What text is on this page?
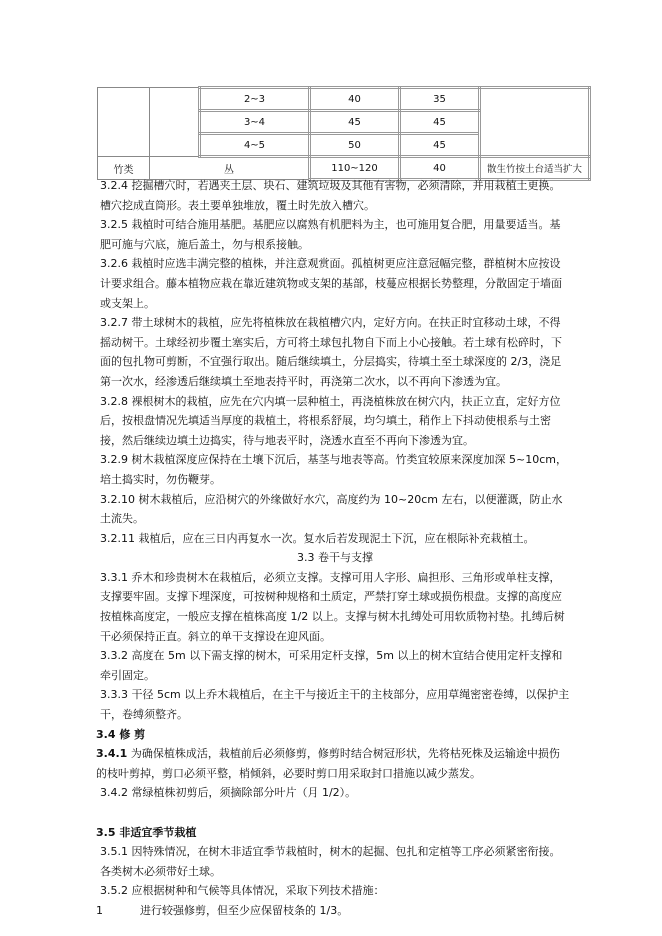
		2~3	40	35	
		3~4	45	45	
		4~5	50	45	
竹类	丛		110~120	40	散生竹按土台适当扩大

3.2.4 挖掘槽穴时，若遇夹土层、块石、建筑垃圾及其他有害物，必须清除，并用栽植土更换。槽穴挖成直筒形。表土要单独堆放，覆土时先放入槽穴。

3.2.5 栽植时可结合施用基肥。基肥应以腐熟有机肥料为主，也可施用复合肥，用量要适当。基肥可施与穴底，施后盖土，勿与根系接触。

3.2.6 栽植时应选丰满完整的植株，并注意观赏面。孤植树更应注意冠幅完整，群植树木应按设计要求组合。藤本植物应栽在靠近建筑物或支架的基部，枝蔓应根据长势整理，分散固定于墙面或支架上。

3.2.7 带土球树木的栽植，应先将植株放在栽植槽穴内，定好方向。在扶正时宜移动土球，不得摇动树干。土球经初步覆土塞实后，方可将土球包扎物自下而上小心接触。若土球有松碎时，下面的包扎物可剪断，不宜强行取出。随后继续填土，分层捣实，待填土至土球深度的 2/3，浇足第一次水，经渗透后继续填土至地表持平时，再浇第二次水，以不再向下渗透为宜。

3.2.8 裸根树木的栽植，应先在穴内填一层种植土，再浇植株放在树穴内，扶正立直，定好方位后，按根盘情况先填适当厚度的栽植土，将根系舒展，均匀填土，稍作上下抖动使根系与土密接，然后继续边填土边捣实，待与地表平时，浇透水直至不再向下渗透为宜。

3.2.9 树木栽植深度应保持在土壤下沉后，基茎与地表等高。竹类宜较原来深度加深 5~10cm，培土捣实时，勿伤鞭芽。

3.2.10 树木栽植后，应沿树穴的外缘做好水穴，高度约为 10~20cm 左右，以便灌溉，防止水土流失。

3.2.11 栽植后，应在三日内再复水一次。复水后若发现泥土下沉，应在根际补充栽植土。

3.3 卷干与支撑

3.3.1 乔木和珍贵树木在栽植后，必须立支撑。支撑可用人字形、扁担形、三角形或单柱支撑，支撑要牢固。支撑下埋深度，可按树种规格和土质定，严禁打穿土球或损伤根盘。支撑的高度应按植株高度定，一般应支撑在植株高度 1/2 以上。支撑与树木扎缚处可用软质物衬垫。扎缚后树干必须保持正直。斜立的单干支撑设在迎风面。

3.3.2 高度在 5m 以下需支撑的树木，可采用定杆支撑，5m 以上的树木宜结合使用定杆支撑和牵引固定。

3.3.3 干径 5cm 以上乔木栽植后，在主干与接近主干的主枝部分，应用草绳密密卷缚，以保护主干，卷缚须整齐。

3.4 修 剪

3.4.1 为确保植株成活，栽植前后必须修剪，修剪时结合树冠形状，先将枯死株及运输途中损伤的枝叶剪掉，剪口必须平整，梢倾斜，必要时剪口用采取封口措施以减少蒸发。

3.4.2 常绿植株初剪后，须摘除部分叶片（月 1/2）。

3.5 非适宜季节栽植

3.5.1 因特殊情况，在树木非适宜季节栽植时，树木的起掘、包扎和定植等工序必须紧密衔接。各类树木必须带好土球。

3.5.2 应根据树种和气候等具体情况，采取下列技术措施：

1	进行较强修剪，但至少应保留枝条的 1/3。
